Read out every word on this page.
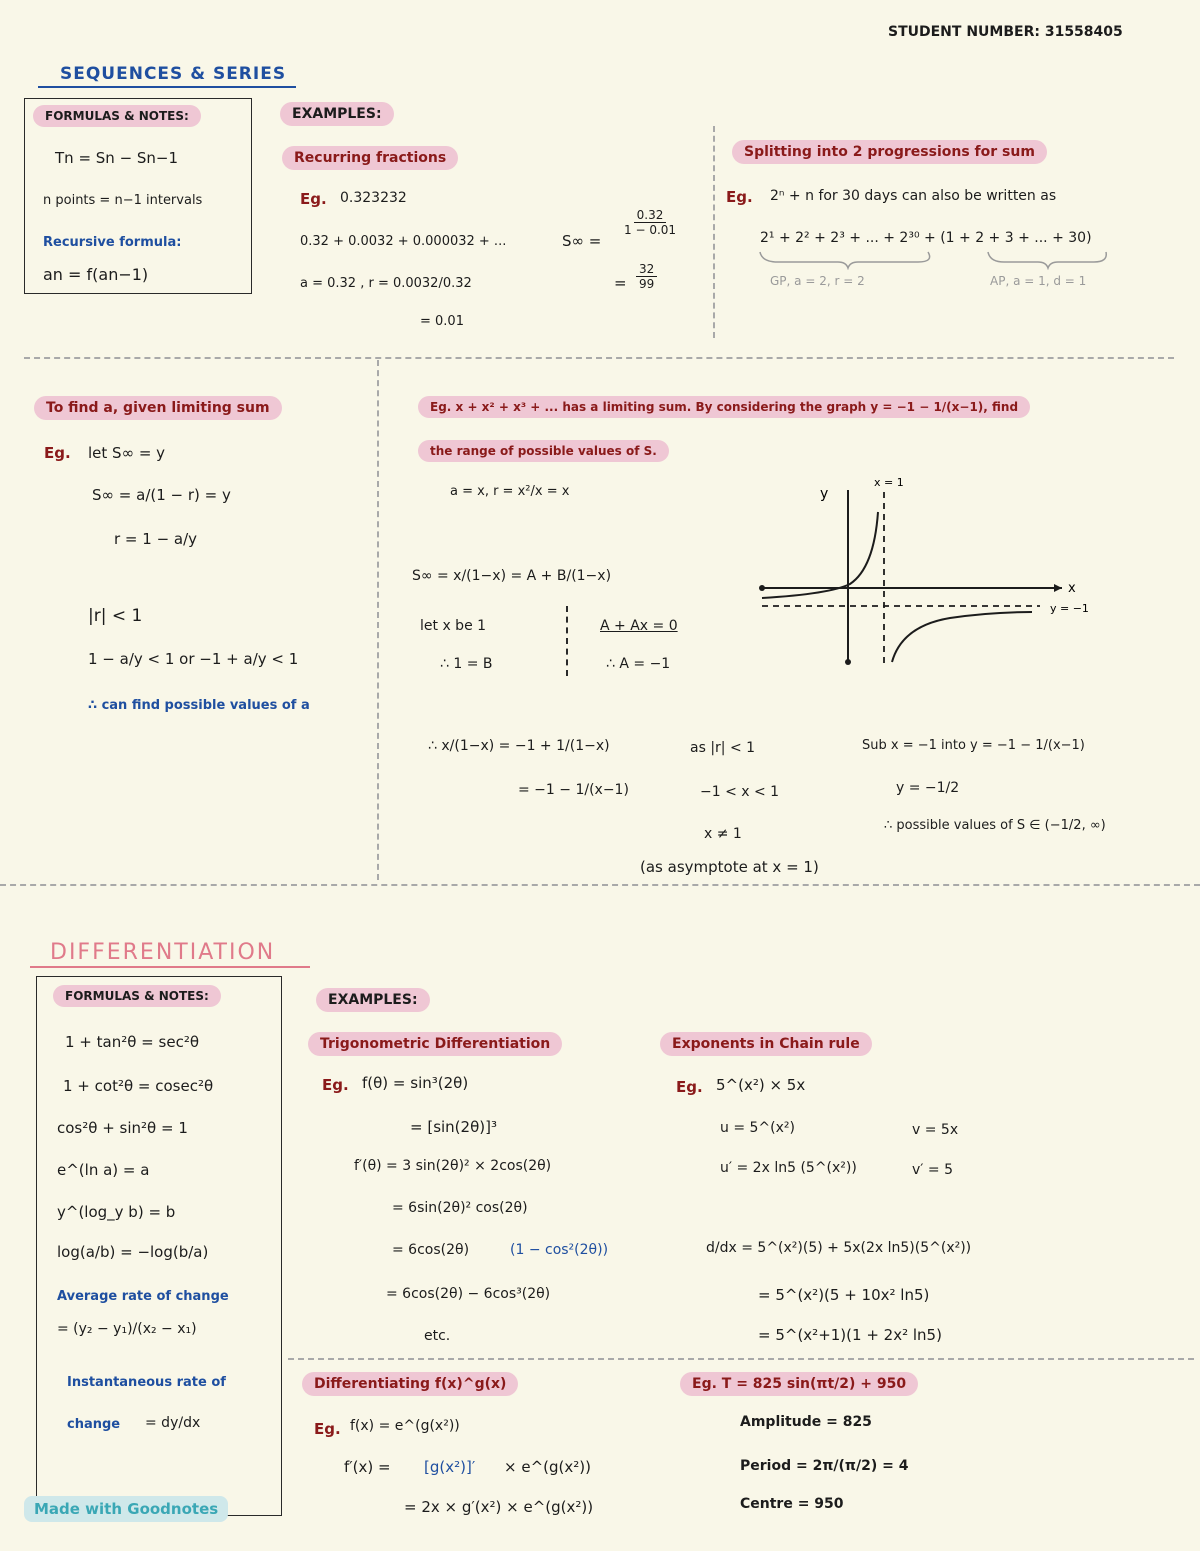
STUDENT NUMBER: 31558405
SEQUENCES & SERIES
FORMULAS & NOTES:
Tn = Sn − Sn−1
n points = n−1 intervals
Recursive formula:
an = f(an−1)
EXAMPLES:
Recurring fractions
Eg. 0.323232
0.32 + 0.0032 + 0.000032 + ...
a = 0.32 , r = 0.0032/0.32
= 0.01
S∞ =
$\frac{0.32}{1 - 0.01}$
= $\frac{32}{99}$
Splitting into 2 progressions for sum
Eg. 2ⁿ + n for 30 days can also be written as
2¹ + 2² + 2³ + ... + 2³⁰ + (1 + 2 + 3 + ... + 30)
GP, a = 2, r = 2	AP, a = 1, d = 1
To find a, given limiting sum
Eg. let S∞ = y
S∞ = a/(1 − r) = y
r = 1 − a/y
|r| < 1
1 − a/y < 1 or −1 + a/y < 1
∴ can find possible values of a
Eg. x + x² + x³ + ... has a limiting sum. By considering the graph y = −1 − 1/(x−1), find
the range of possible values of S.
a = x, r = x²/x = x
S∞ = x/(1−x) = A + B/(1−x)
let x be 1
∴ 1 = B
A + Ax = 0
∴ A = −1
y
x
x = 1
y = −1
∴ x/(1−x) = −1 + 1/(1−x)
= −1 − 1/(x−1)
as |r| < 1
−1 < x < 1
x ≠ 1
(as asymptote at x = 1)
Sub x = −1 into y = −1 − 1/(x−1)
y = −1/2
∴ possible values of S ∈ (−1/2, ∞)
DIFFERENTIATION
FORMULAS & NOTES:
1 + tan²θ = sec²θ
1 + cot²θ = cosec²θ
cos²θ + sin²θ = 1
e^(ln a) = a
y^(log_y b) = b
log(a/b) = −log(b/a)
Average rate of change
= (y₂ − y₁)/(x₂ − x₁)
Instantaneous rate of
change = dy/dx
EXAMPLES:
Trigonometric Differentiation
Eg. f(θ) = sin³(2θ)
= [sin(2θ)]³
f′(θ) = 3 sin(2θ)² × 2cos(2θ)
= 6sin(2θ)² cos(2θ)
= 6cos(2θ)	(1 − cos²(2θ))
= 6cos(2θ) − 6cos³(2θ)
etc.
Exponents in Chain rule
Eg. 5^(x²) × 5x
u = 5^(x²)	v = 5x
u′ = 2x ln5 (5^(x²))	v′ = 5
d/dx = 5^(x²)(5) + 5x(2x ln5)(5^(x²))
= 5^(x²)(5 + 10x² ln5)
= 5^(x²+1)(1 + 2x² ln5)
Differentiating f(x)^g(x)
Eg. f(x) = e^(g(x²))
f′(x) = [g(x²)]′ × e^(g(x²))
= 2x × g′(x²) × e^(g(x²))
Eg. T = 825 sin(πt/2) + 950
Amplitude = 825
Period = 2π/(π/2) = 4
Centre = 950
Made with Goodnotes
